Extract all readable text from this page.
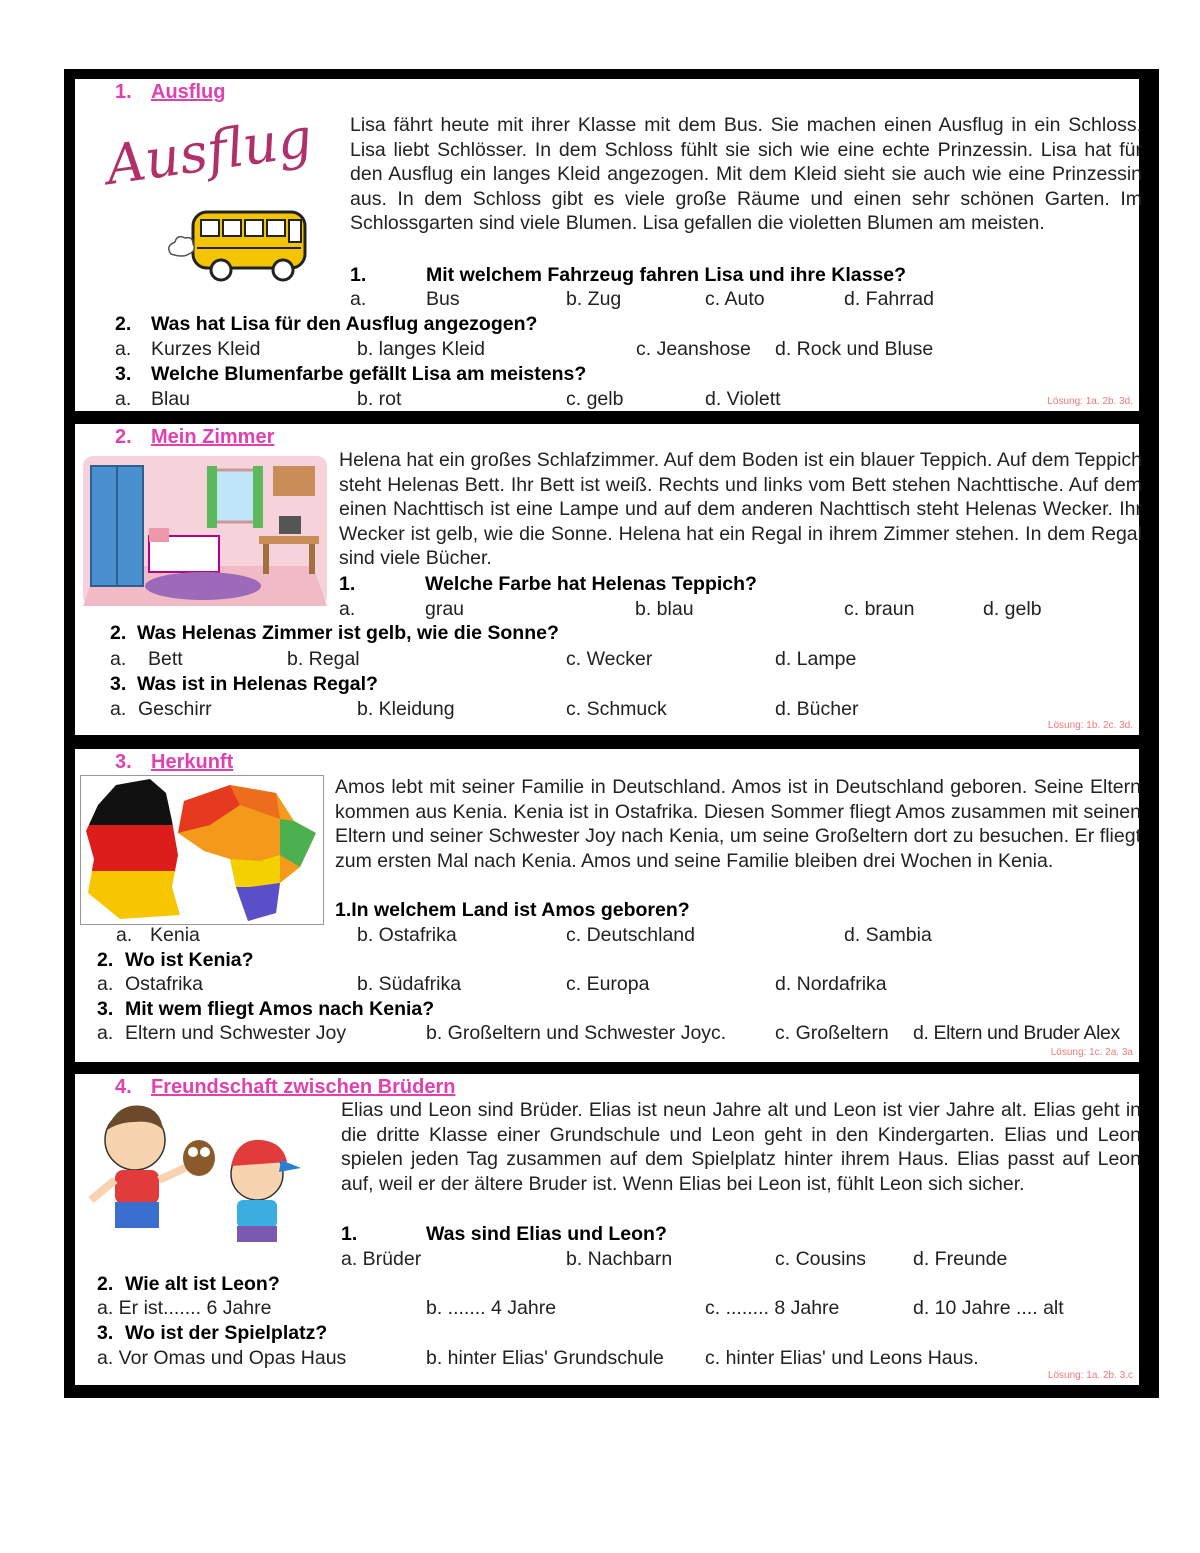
1. Ausflug
Ausflug Lisa fährt heute mit ihrer Klasse mit dem Bus. Sie machen einen Ausflug in ein Schloss. Lisa liebt Schlösser. In dem Schloss fühlt sie sich wie eine echte Prinzessin. Lisa hat für den Ausflug ein langes Kleid angezogen. Mit dem Kleid sieht sie auch wie eine Prinzessin aus. In dem Schloss gibt es viele große Räume und einen sehr schönen Garten. Im Schlossgarten sind viele Blumen. Lisa gefallen die violetten Blumen am meisten.
1.	Mit welchem Fahrzeug fahren Lisa und ihre Klasse?
a.	Bus	b. Zug	c. Auto	d. Fahrrad
2. Was hat Lisa für den Ausflug angezogen?
a. Kurzes Kleid	b. langes Kleid	c. Jeanshose d. Rock und Bluse
3. Welche Blumenfarbe gefällt Lisa am meistens?
a. Blau	b. rot	c. gelb	d. Violett	Lösung: 1a. 2b. 3d.
2. Mein Zimmer
Helena hat ein großes Schlafzimmer. Auf dem Boden ist ein blauer Teppich. Auf dem Teppich steht Helenas Bett. Ihr Bett ist weiß. Rechts und links vom Bett stehen Nachttische. Auf dem einen Nachttisch ist eine Lampe und auf dem anderen Nachttisch steht Helenas Wecker. Ihr Wecker ist gelb, wie die Sonne. Helena hat ein Regal in ihrem Zimmer stehen. In dem Regal sind viele Bücher.
1.	Welche Farbe hat Helenas Teppich?
a.	grau	b. blau	c. braun	d. gelb
2. Was Helenas Zimmer ist gelb, wie die Sonne?
a. Bett	b. Regal	c. Wecker	d. Lampe
3. Was ist in Helenas Regal?
a. Geschirr	b. Kleidung	c. Schmuck	d. Bücher
Lösung: 1b. 2c. 3d.
3. Herkunft
Amos lebt mit seiner Familie in Deutschland. Amos ist in Deutschland geboren. Seine Eltern kommen aus Kenia. Kenia ist in Ostafrika. Diesen Sommer fliegt Amos zusammen mit seinen Eltern und seiner Schwester Joy nach Kenia, um seine Großeltern dort zu besuchen. Er fliegt zum ersten Mal nach Kenia. Amos und seine Familie bleiben drei Wochen in Kenia.
1.In welchem Land ist Amos geboren?
a. Kenia	b. Ostafrika	c. Deutschland	d. Sambia
2. Wo ist Kenia?
a. Ostafrika	b. Südafrika	c. Europa	d. Nordafrika
3. Mit wem fliegt Amos nach Kenia?
a. Eltern und Schwester Joy	b. Großeltern und Schwester Joyc.	c. Großeltern d. Eltern und Bruder Alex
Lösung: 1c. 2a. 3a
4. Freundschaft zwischen Brüdern
Elias und Leon sind Brüder. Elias ist neun Jahre alt und Leon ist vier Jahre alt. Elias geht in die dritte Klasse einer Grundschule und Leon geht in den Kindergarten. Elias und Leon spielen jeden Tag zusammen auf dem Spielplatz hinter ihrem Haus. Elias passt auf Leon auf, weil er der ältere Bruder ist. Wenn Elias bei Leon ist, fühlt Leon sich sicher.
1.	Was sind Elias und Leon?
a. Brüder	b. Nachbarn	c. Cousins d. Freunde
2. Wie alt ist Leon?
a. Er ist....... 6 Jahre	b. ....... 4 Jahre	c. ........ 8 Jahre	d. 10 Jahre .... alt
3. Wo ist der Spielplatz?
a. Vor Omas und Opas Haus	b. hinter Elias' Grundschule c. hinter Elias' und Leons Haus.
Lösung: 1a. 2b. 3.c
